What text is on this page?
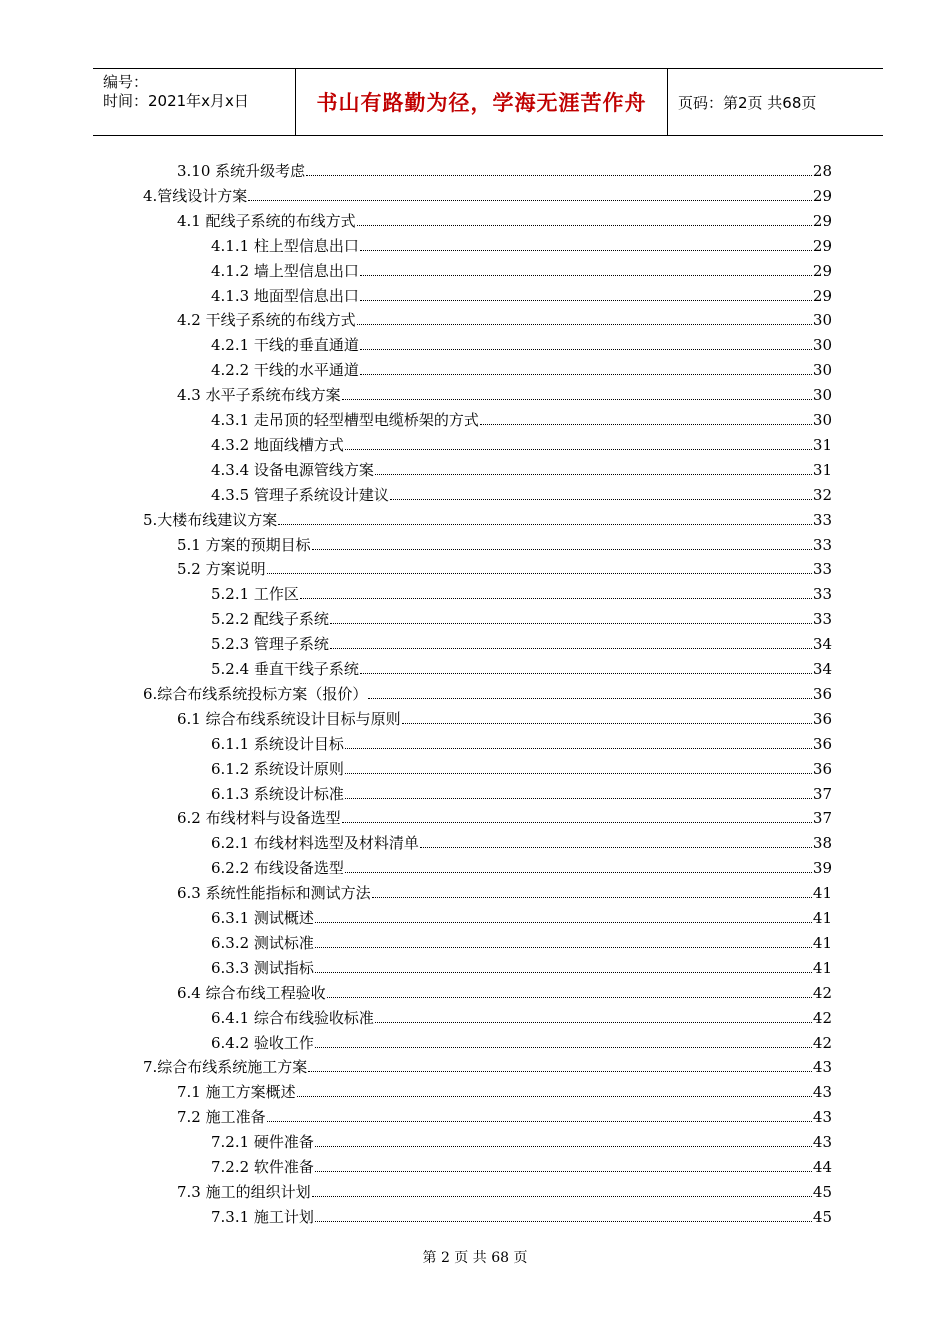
编号：
时间：2021年x月x日	书山有路勤为径，学海无涯苦作舟	页码：第2页 共68页
3.10 系统升级考虑	28
4.管线设计方案	29
4.1 配线子系统的布线方式	29
4.1.1 柱上型信息出口	29
4.1.2 墙上型信息出口	29
4.1.3 地面型信息出口	29
4.2 干线子系统的布线方式	30
4.2.1 干线的垂直通道	30
4.2.2 干线的水平通道	30
4.3 水平子系统布线方案	30
4.3.1 走吊顶的轻型槽型电缆桥架的方式	30
4.3.2 地面线槽方式	31
4.3.4 设备电源管线方案	31
4.3.5 管理子系统设计建议	32
5.大楼布线建议方案	33
5.1 方案的预期目标	33
5.2 方案说明	33
5.2.1 工作区	33
5.2.2 配线子系统	33
5.2.3 管理子系统	34
5.2.4 垂直干线子系统	34
6.综合布线系统投标方案（报价）	36
6.1 综合布线系统设计目标与原则	36
6.1.1 系统设计目标	36
6.1.2 系统设计原则	36
6.1.3 系统设计标准	37
6.2 布线材料与设备选型	37
6.2.1 布线材料选型及材料清单	38
6.2.2 布线设备选型	39
6.3 系统性能指标和测试方法	41
6.3.1 测试概述	41
6.3.2 测试标准	41
6.3.3 测试指标	41
6.4 综合布线工程验收	42
6.4.1 综合布线验收标准	42
6.4.2 验收工作	42
7.综合布线系统施工方案	43
7.1 施工方案概述	43
7.2 施工准备	43
7.2.1 硬件准备	43
7.2.2 软件准备	44
7.3 施工的组织计划	45
7.3.1 施工计划	45
第 2 页 共 68 页
